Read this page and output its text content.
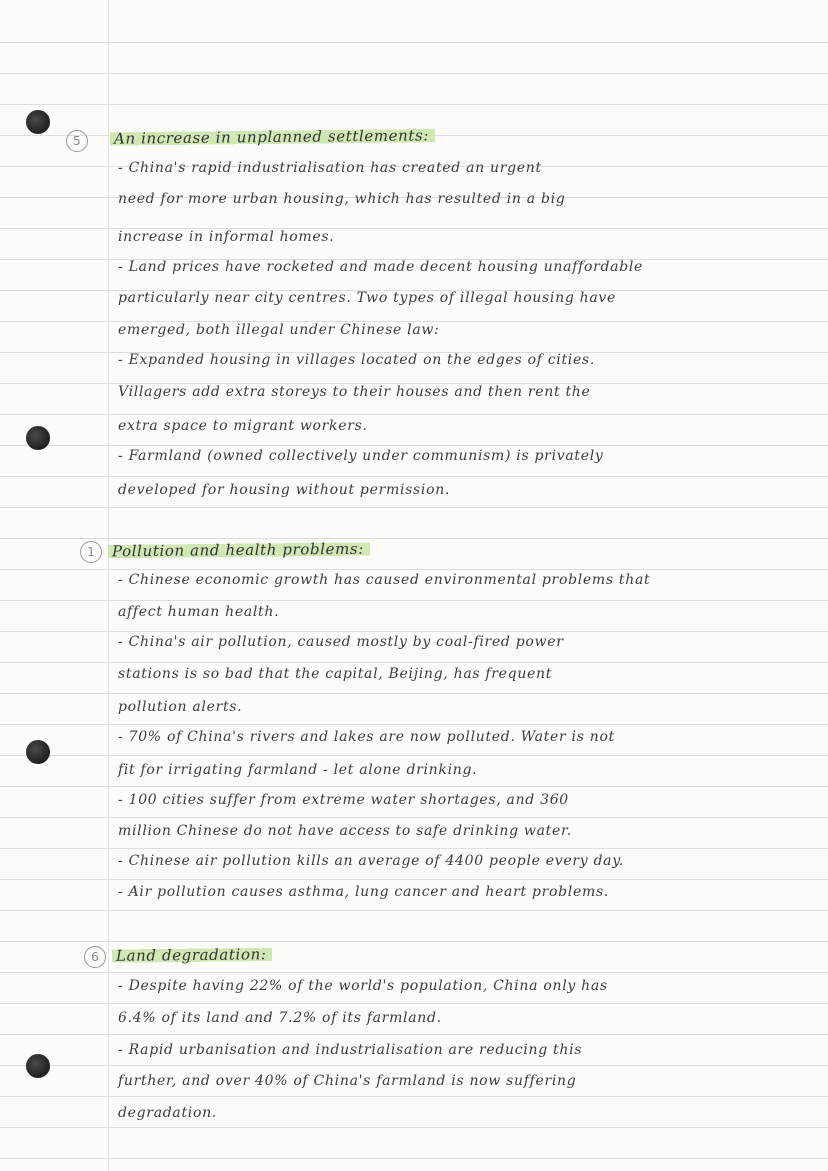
5	An increase in unplanned settlements:
- China's rapid industrialisation has created an urgent
need for more urban housing, which has resulted in a big
increase in informal homes.
- Land prices have rocketed and made decent housing unaffordable
particularly near city centres. Two types of illegal housing have
emerged, both illegal under Chinese law:
- Expanded housing in villages located on the edges of cities.
Villagers add extra storeys to their houses and then rent the
extra space to migrant workers.
- Farmland (owned collectively under communism) is privately
developed for housing without permission.
1	Pollution and health problems:
- Chinese economic growth has caused environmental problems that
affect human health.
- China's air pollution, caused mostly by coal-fired power
stations is so bad that the capital, Beijing, has frequent
pollution alerts.
- 70% of China's rivers and lakes are now polluted. Water is not
fit for irrigating farmland - let alone drinking.
- 100 cities suffer from extreme water shortages, and 360
million Chinese do not have access to safe drinking water.
- Chinese air pollution kills an average of 4400 people every day.
- Air pollution causes asthma, lung cancer and heart problems.
6	Land degradation:
- Despite having 22% of the world's population, China only has
6.4% of its land and 7.2% of its farmland.
- Rapid urbanisation and industrialisation are reducing this
further, and over 40% of China's farmland is now suffering
degradation.
